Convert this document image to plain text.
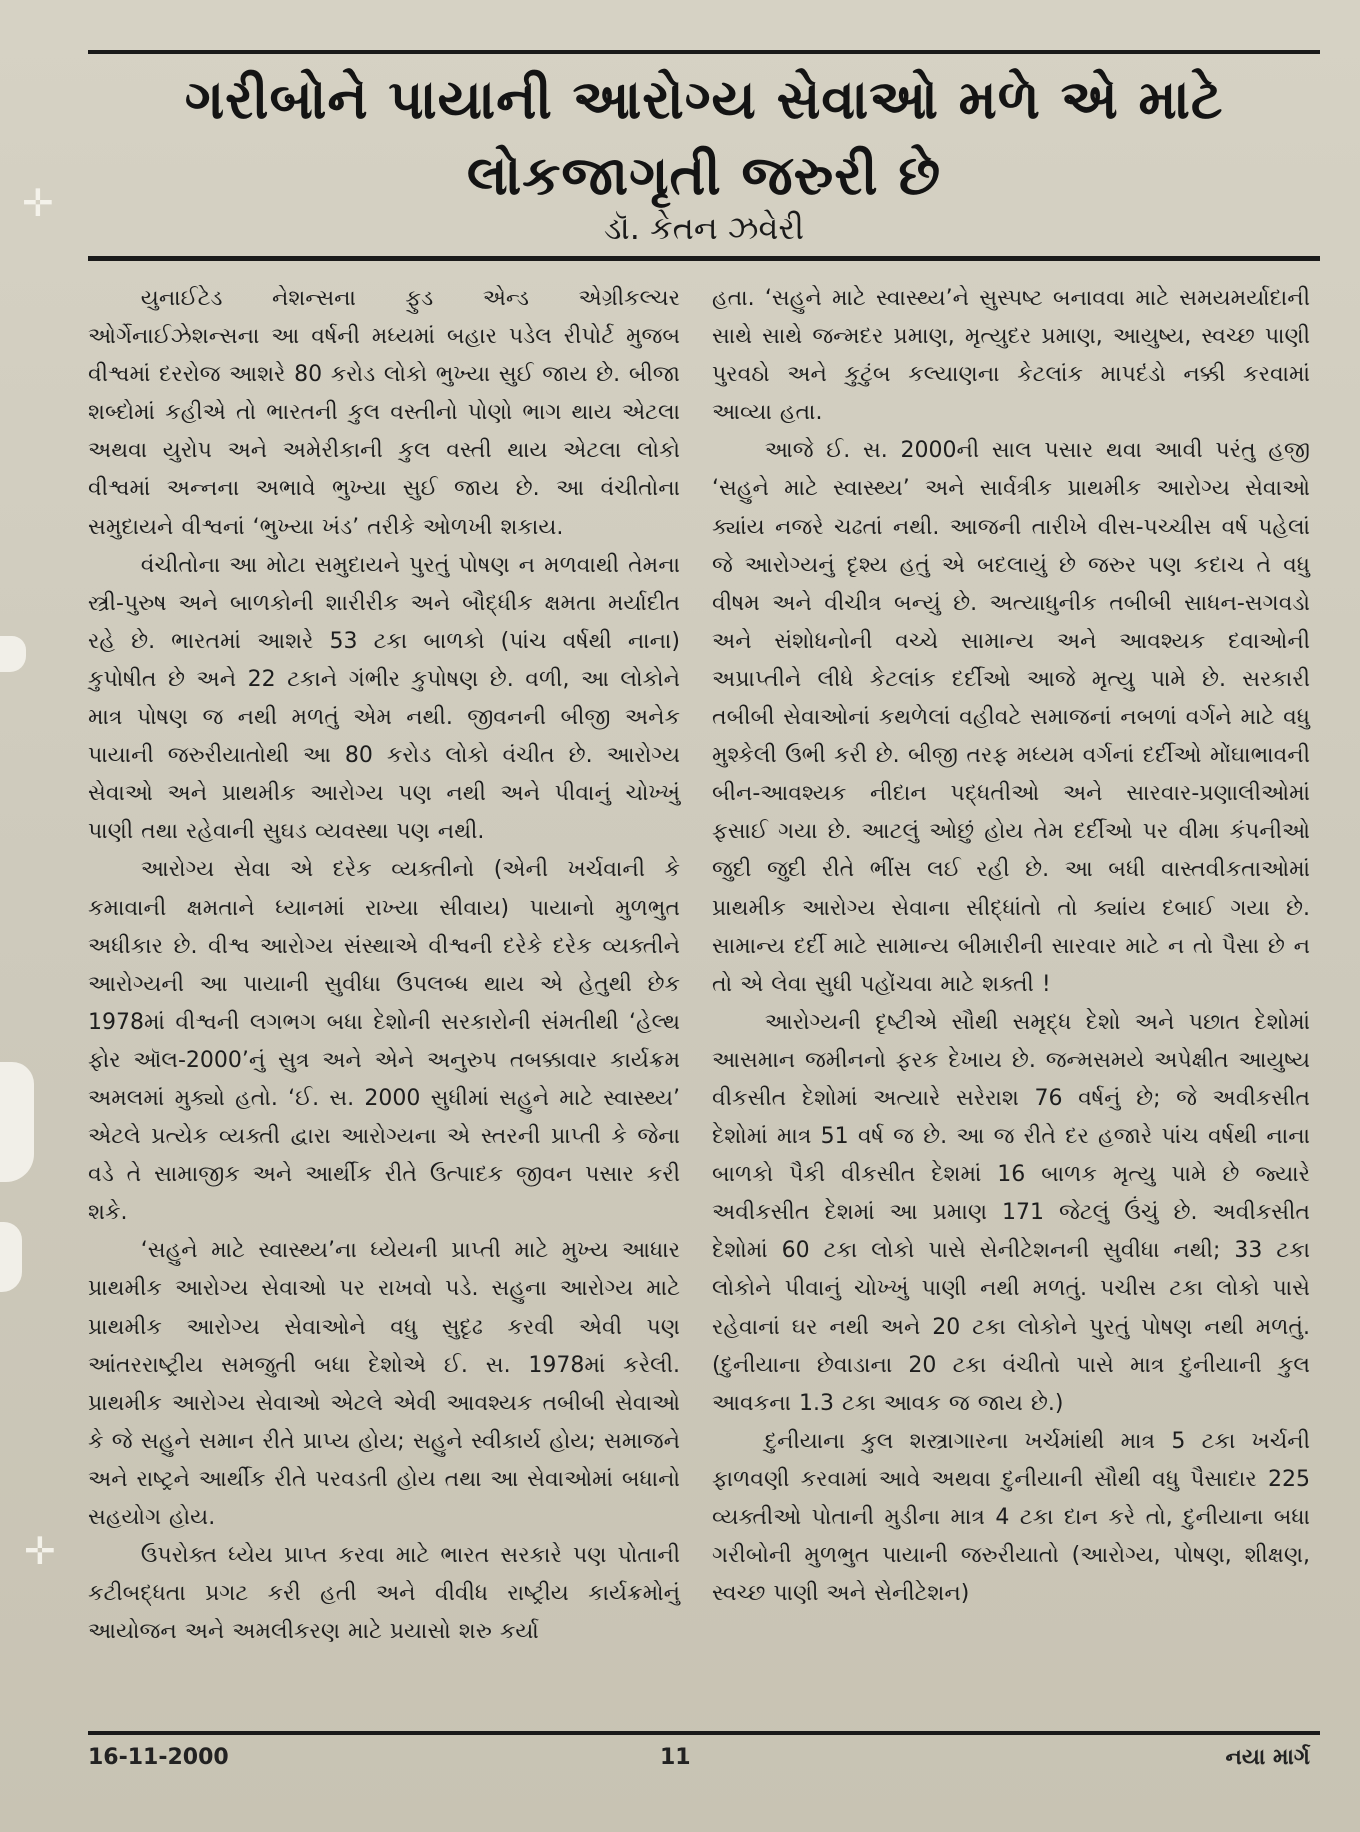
ગરીબોને પાયાની આરોગ્ય સેવાઓ મળે એ માટે
લોકજાગૃતી જરુરી છે
ડૉ. કેતન ઝવેરી

યુનાઈટેડ નેશન્સના ફુડ એન્ડ એગ્રીકલ્ચર ઓર્ગેનાઈઝેશન્સના આ વર્ષની મધ્યમાં બહાર પડેલ રીપોર્ટ મુજબ વીશ્વમાં દરરોજ આશરે 80 કરોડ લોકો ભુખ્યા સુઈ જાય છે. બીજા શબ્દોમાં કહીએ તો ભારતની કુલ વસ્તીનો પોણો ભાગ થાય એટલા અથવા યુરોપ અને અમેરીકાની કુલ વસ્તી થાય એટલા લોકો વીશ્વમાં અન્નના અભાવે ભુખ્યા સુઈ જાય છે. આ વંચીતોના સમુદાયને વીશ્વનાં ‘ભુખ્યા ખંડ’ તરીકે ઓળખી શકાય.

વંચીતોના આ મોટા સમુદાયને પુરતું પોષણ ન મળવાથી તેમના સ્ત્રી-પુરુષ અને બાળકોની શારીરીક અને બૌદ્ધીક ક્ષમતા મર્યાદીત રહે છે. ભારતમાં આશરે 53 ટકા બાળકો (પાંચ વર્ષથી નાના) કુપોષીત છે અને 22 ટકાને ગંભીર કુપોષણ છે. વળી, આ લોકોને માત્ર પોષણ જ નથી મળતું એમ નથી. જીવનની બીજી અનેક પાયાની જરુરીયાતોથી આ 80 કરોડ લોકો વંચીત છે. આરોગ્ય સેવાઓ અને પ્રાથમીક આરોગ્ય પણ નથી અને પીવાનું ચોખ્ખું પાણી તથા રહેવાની સુઘડ વ્યવસ્થા પણ નથી.

આરોગ્ય સેવા એ દરેક વ્યક્તીનો (એની ખર્ચવાની કે કમાવાની ક્ષમતાને ધ્યાનમાં રાખ્યા સીવાય) પાયાનો મુળભુત અધીકાર છે. વીશ્વ આરોગ્ય સંસ્થાએ વીશ્વની દરેકે દરેક વ્યક્તીને આરોગ્યની આ પાયાની સુવીધા ઉપલબ્ધ થાય એ હેતુથી છેક 1978માં વીશ્વની લગભગ બધા દેશોની સરકારોની સંમતીથી ‘હેલ્થ ફોર ઑલ-2000’નું સુત્ર અને એને અનુરુપ તબક્કાવાર કાર્યક્રમ અમલમાં મુક્યો હતો. ‘ઈ. સ. 2000 સુધીમાં સહુને માટે સ્વાસ્થ્ય’ એટલે પ્રત્યેક વ્યક્તી દ્વારા આરોગ્યના એ સ્તરની પ્રાપ્તી કે જેના વડે તે સામાજીક અને આર્થીક રીતે ઉત્પાદક જીવન પસાર કરી શકે.

‘સહુને માટે સ્વાસ્થ્ય’ના ધ્યેયની પ્રાપ્તી માટે મુખ્ય આધાર પ્રાથમીક આરોગ્ય સેવાઓ પર રાખવો પડે. સહુના આરોગ્ય માટે પ્રાથમીક આરોગ્ય સેવાઓને વધુ સુદૃઢ કરવી એવી પણ આંતરરાષ્ટ્રીય સમજુતી બધા દેશોએ ઈ. સ. 1978માં કરેલી. પ્રાથમીક આરોગ્ય સેવાઓ એટલે એવી આવશ્યક તબીબી સેવાઓ કે જે સહુને સમાન રીતે પ્રાપ્ય હોય; સહુને સ્વીકાર્ય હોય; સમાજને અને રાષ્ટ્રને આર્થીક રીતે પરવડતી હોય તથા આ સેવાઓમાં બધાનો સહયોગ હોય.

ઉપરોક્ત ધ્યેય પ્રાપ્ત કરવા માટે ભારત સરકારે પણ પોતાની કટીબદ્ધતા પ્રગટ કરી હતી અને વીવીધ રાષ્ટ્રીય કાર્યક્રમોનું આયોજન અને અમલીકરણ માટે પ્રયાસો શરુ કર્યા

હતા. ‘સહુને માટે સ્વાસ્થ્ય’ને સુસ્પષ્ટ બનાવવા માટે સમયમર્યાદાની સાથે સાથે જન્મદર પ્રમાણ, મૃત્યુદર પ્રમાણ, આયુષ્ય, સ્વચ્છ પાણી પુરવઠો અને કુટુંબ કલ્યાણના કેટલાંક માપદંડો નક્કી કરવામાં આવ્યા હતા.

આજે ઈ. સ. 2000ની સાલ પસાર થવા આવી પરંતુ હજી ‘સહુને માટે સ્વાસ્થ્ય’ અને સાર્વત્રીક પ્રાથમીક આરોગ્ય સેવાઓ ક્યાંય નજરે ચઢતાં નથી. આજની તારીખે વીસ-પચ્ચીસ વર્ષ પહેલાં જે આરોગ્યનું દૃશ્ય હતું એ બદલાયું છે જરુર પણ કદાચ તે વધુ વીષમ અને વીચીત્ર બન્યું છે. અત્યાધુનીક તબીબી સાધન-સગવડો અને સંશોધનોની વચ્ચે સામાન્ય અને આવશ્યક દવાઓની અપ્રાપ્તીને લીધે કેટલાંક દર્દીઓ આજે મૃત્યુ પામે છે. સરકારી તબીબી સેવાઓનાં કથળેલાં વહીવટે સમાજનાં નબળાં વર્ગને માટે વધુ મુશ્કેલી ઉભી કરી છે. બીજી તરફ મધ્યમ વર્ગનાં દર્દીઓ મોંઘાભાવની બીન-આવશ્યક નીદાન પદ્ધતીઓ અને સારવાર-પ્રણાલીઓમાં ફસાઈ ગયા છે. આટલું ઓછું હોય તેમ દર્દીઓ પર વીમા કંપનીઓ જુદી જુદી રીતે ભીંસ લઈ રહી છે. આ બધી વાસ્તવીકતાઓમાં પ્રાથમીક આરોગ્ય સેવાના સીદ્ધાંતો તો ક્યાંય દબાઈ ગયા છે. સામાન્ય દર્દી માટે સામાન્ય બીમારીની સારવાર માટે ન તો પૈસા છે ન તો એ લેવા સુધી પહોંચવા માટે શક્તી !

આરોગ્યની દૃષ્ટીએ સૌથી સમૃદ્ધ દેશો અને પછાત દેશોમાં આસમાન જમીનનો ફરક દેખાય છે. જન્મસમયે અપેક્ષીત આયુષ્ય વીકસીત દેશોમાં અત્યારે સરેરાશ 76 વર્ષનું છે; જે અવીકસીત દેશોમાં માત્ર 51 વર્ષ જ છે. આ જ રીતે દર હજારે પાંચ વર્ષથી નાના બાળકો પૈકી વીકસીત દેશમાં 16 બાળક મૃત્યુ પામે છે જ્યારે અવીકસીત દેશમાં આ પ્રમાણ 171 જેટલું ઉંચું છે. અવીકસીત દેશોમાં 60 ટકા લોકો પાસે સેનીટેશનની સુવીધા નથી; 33 ટકા લોકોને પીવાનું ચોખ્ખું પાણી નથી મળતું. પચીસ ટકા લોકો પાસે રહેવાનાં ઘર નથી અને 20 ટકા લોકોને પુરતું પોષણ નથી મળતું. (દુનીયાના છેવાડાના 20 ટકા વંચીતો પાસે માત્ર દુનીયાની કુલ આવકના 1.3 ટકા આવક જ જાય છે.)

દુનીયાના કુલ શસ્ત્રાગારના ખર્ચમાંથી માત્ર 5 ટકા ખર્ચની ફાળવણી કરવામાં આવે અથવા દુનીયાની સૌથી વધુ પૈસાદાર 225 વ્યક્તીઓ પોતાની મુડીના માત્ર 4 ટકા દાન કરે તો, દુનીયાના બધા ગરીબોની મુળભુત પાયાની જરુરીયાતો (આરોગ્ય, પોષણ, શીક્ષણ, સ્વચ્છ પાણી અને સેનીટેશન)

16-11-2000	11	નયા માર્ગ
✛
✛
